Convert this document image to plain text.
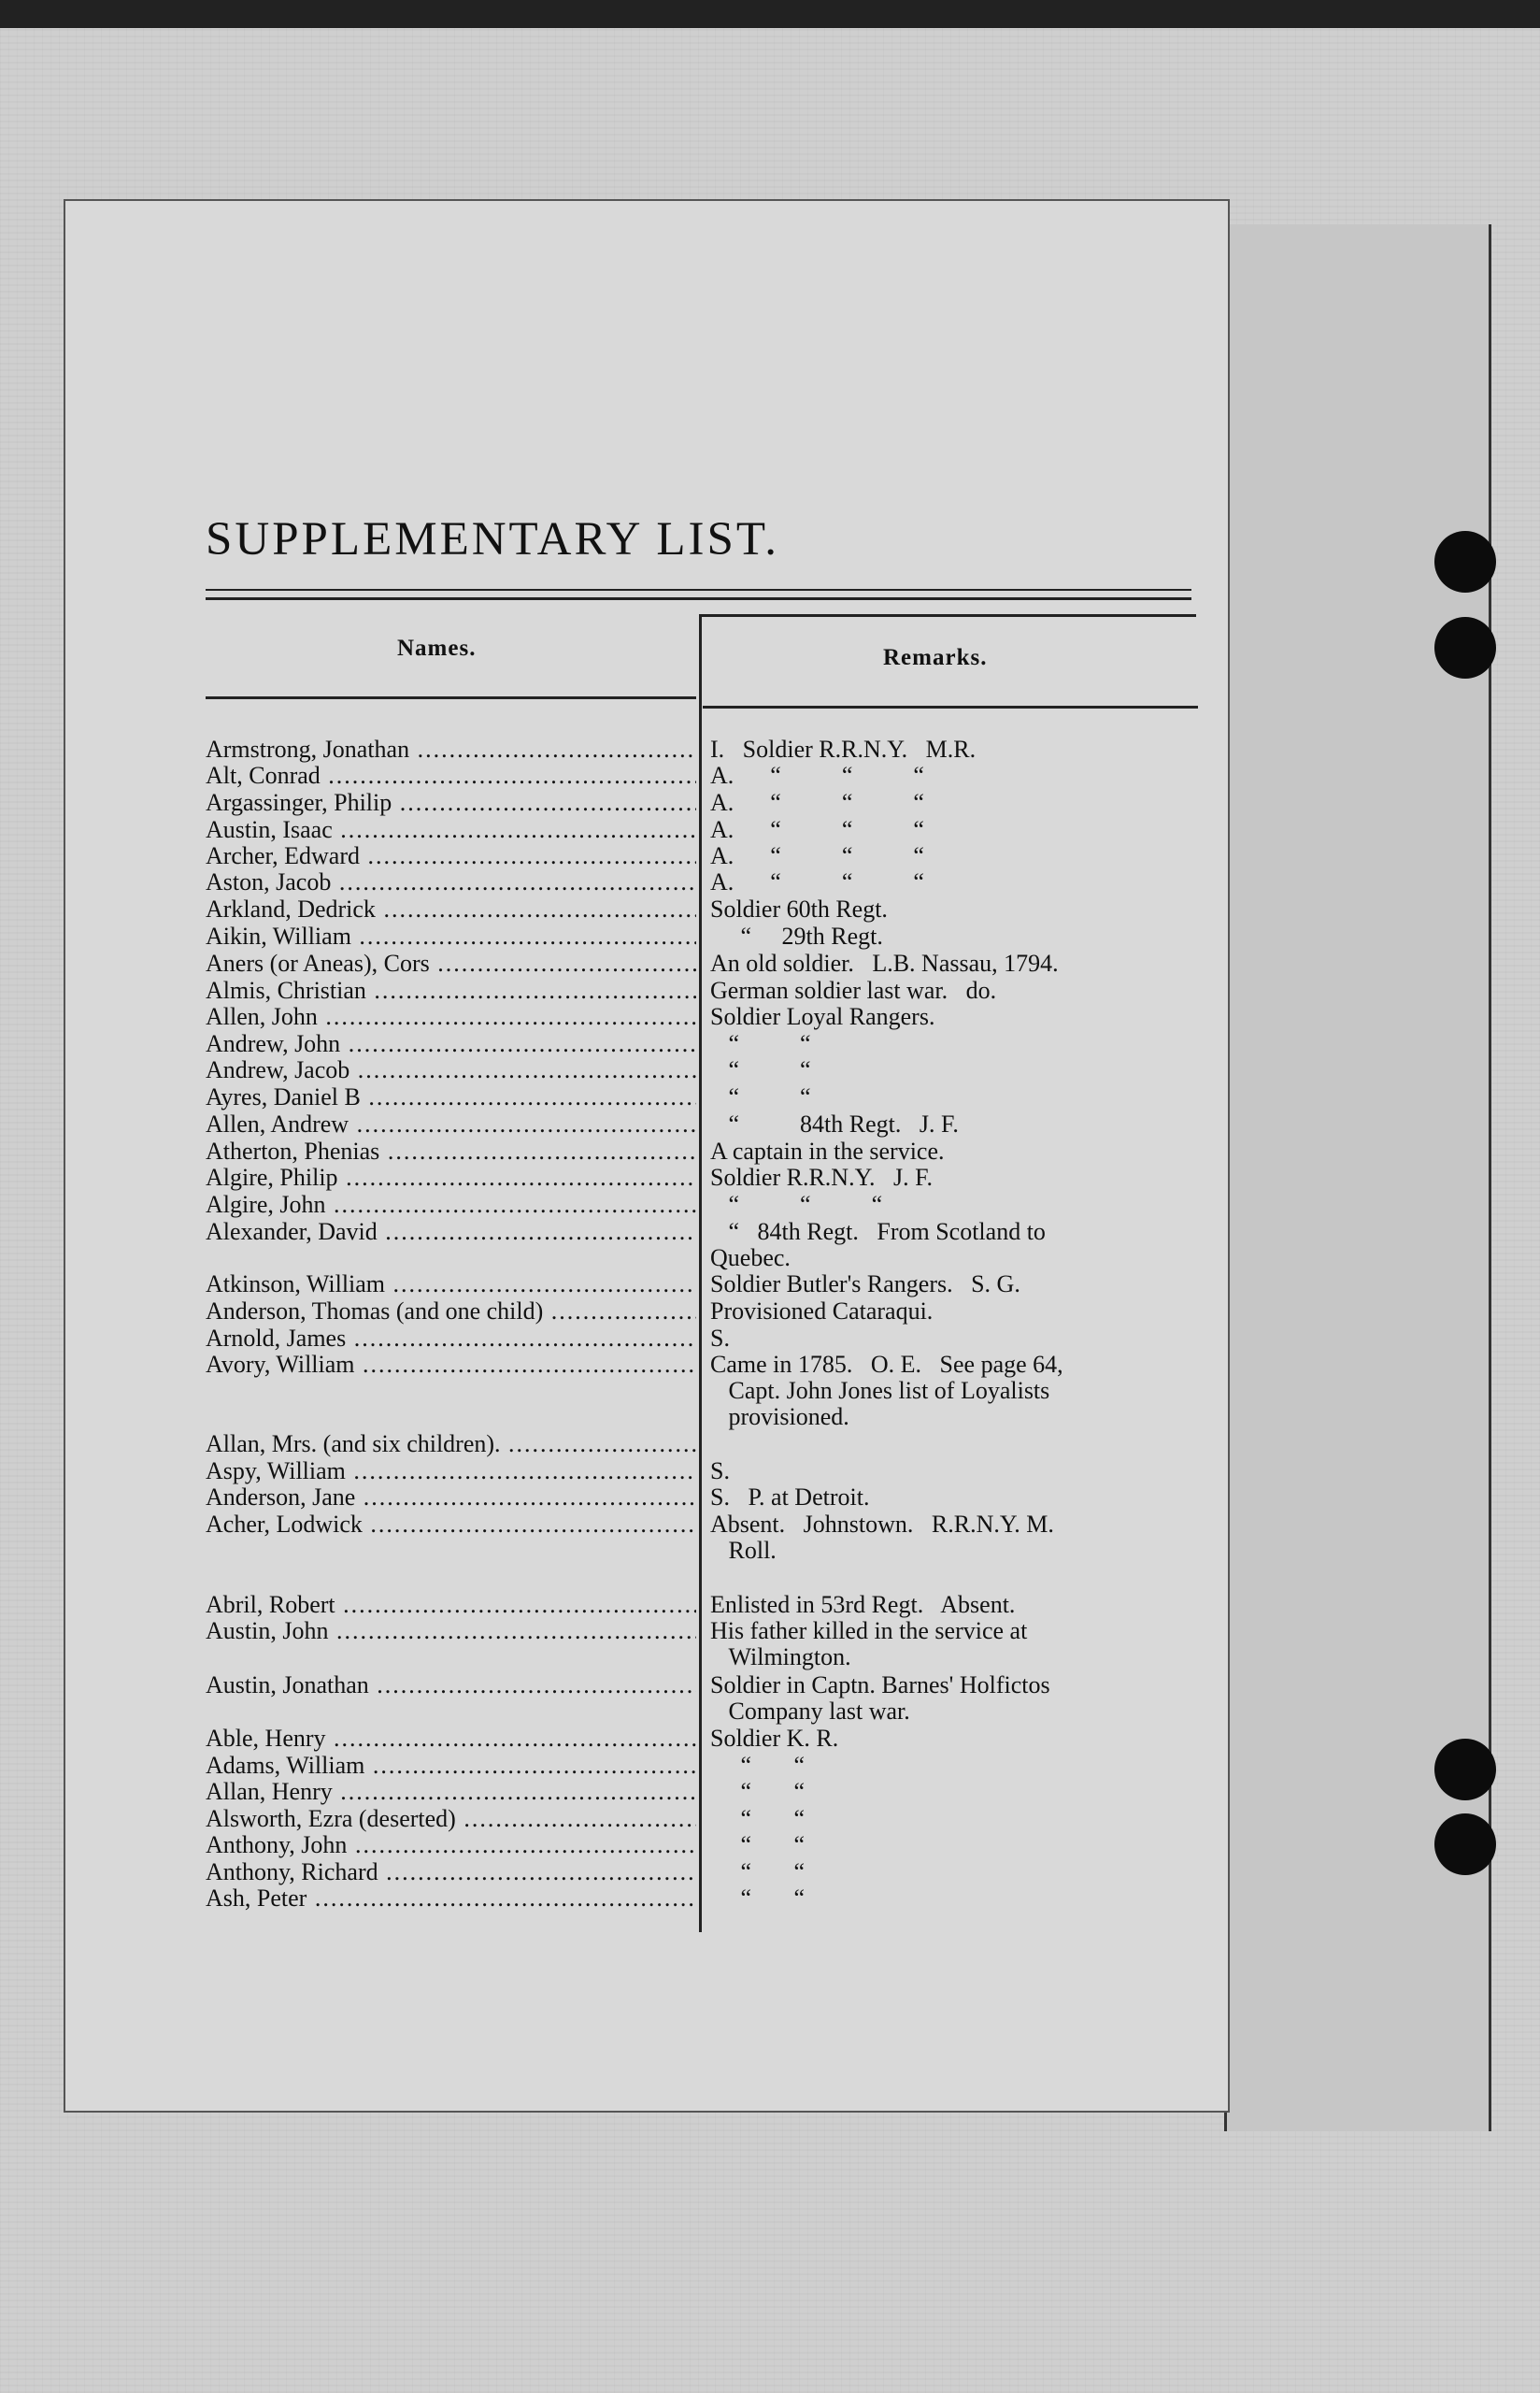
SUPPLEMENTARY LIST.
Names.	Remarks.
Armstrong, Jonathan .....	I.   Soldier R.R.N.Y.   M.R.
Alt, Conrad .....	A.      “          “          “
Argassinger, Philip .....	A.      “          “          “
Austin, Isaac .....	A.      “          “          “
Archer, Edward .....	A.      “          “          “
Aston, Jacob .....	A.      “          “          “
Arkland, Dedrick .....	Soldier 60th Regt.
Aikin, William .....	“     29th Regt.
Aners (or Aneas), Cors .....	An old soldier.   L.B. Nassau, 1794.
Almis, Christian .....	German soldier last war.   do.
Allen, John .....	Soldier Loyal Rangers.
Andrew, John .....	“          “
Andrew, Jacob .....	“          “
Ayres, Daniel B .....	“          “
Allen, Andrew .....	“          84th Regt.   J. F.
Atherton, Phenias .....	A captain in the service.
Algire, Philip .....	Soldier R.R.N.Y.   J. F.
Algire, John .....	“          “          “
Alexander, David .....	“   84th Regt.   From Scotland to
Quebec.
Atkinson, William .....	Soldier Butler's Rangers.   S. G.
Anderson, Thomas (and one child) .....	Provisioned Cataraqui.
Arnold, James .....	S.
Avory, William .....	Came in 1785.   O. E.   See page 64,
Capt. John Jones list of Loyalists
provisioned.
Allan, Mrs. (and six children). .....
Aspy, William .....	S.
Anderson, Jane .....	S.   P. at Detroit.
Acher, Lodwick .....	Absent.   Johnstown.   R.R.N.Y. M.
Roll.
Abril, Robert .....	Enlisted in 53rd Regt.   Absent.
Austin, John .....	His father killed in the service at
Wilmington.
Austin, Jonathan .....	Soldier in Captn. Barnes' Holfictos
Company last war.
Able, Henry .....	Soldier K. R.
Adams, William .....	“       “
Allan, Henry .....	“       “
Alsworth, Ezra (deserted) .....	“       “
Anthony, John .....	“       “
Anthony, Richard .....	“       “
Ash, Peter .....	“       “
